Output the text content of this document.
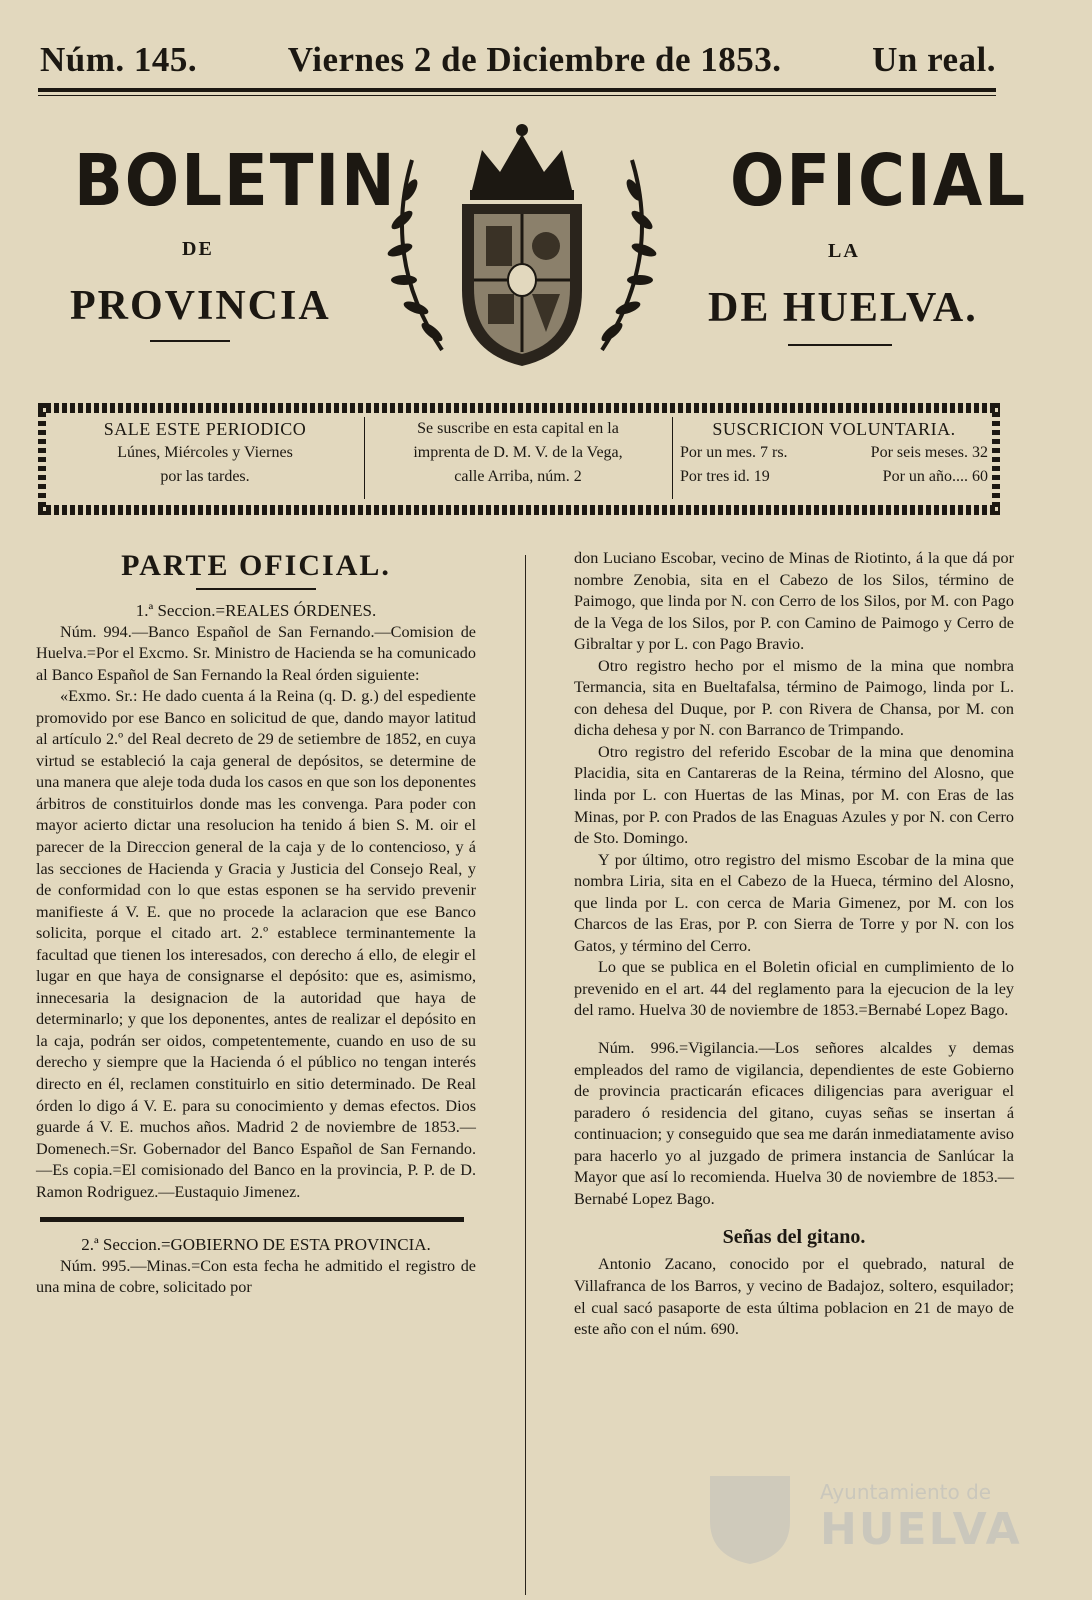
Núm. 145.	Viernes 2 de Diciembre de 1853.	Un real.
BOLETIN	OFICIAL
DE	LA
PROVINCIA	DE HUELVA.
SALE ESTE PERIODICO
Lúnes, Miércoles y Viernes
por las tardes.
Se suscribe en esta capital en la
imprenta de D. M. V. de la Vega,
calle Arriba, núm. 2
SUSCRICION VOLUNTARIA.
Por un mes. 7 rs.	Por seis meses. 32
Por tres id. 19	Por un año.... 60
PARTE OFICIAL.

1.ª Seccion.=REALES ÓRDENES.

Núm. 994.—Banco Español de San Fernando.—Comision de Huelva.=Por el Excmo. Sr. Ministro de Hacienda se ha comunicado al Banco Español de San Fernando la Real órden siguiente:

«Exmo. Sr.: He dado cuenta á la Reina (q. D. g.) del espediente promovido por ese Banco en solicitud de que, dando mayor latitud al artículo 2.º del Real decreto de 29 de setiembre de 1852, en cuya virtud se estableció la caja general de depósitos, se determine de una manera que aleje toda duda los casos en que son los deponentes árbitros de constituirlos donde mas les convenga. Para poder con mayor acierto dictar una resolucion ha tenido á bien S. M. oir el parecer de la Direccion general de la caja y de lo contencioso, y á las secciones de Hacienda y Gracia y Justicia del Consejo Real, y de conformidad con lo que estas esponen se ha servido prevenir manifieste á V. E. que no procede la aclaracion que ese Banco solicita, porque el citado art. 2.º establece terminantemente la facultad que tienen los interesados, con derecho á ello, de elegir el lugar en que haya de consignarse el depósito: que es, asimismo, innecesaria la designacion de la autoridad que haya de determinarlo; y que los deponentes, antes de realizar el depósito en la caja, podrán ser oidos, competentemente, cuando en uso de su derecho y siempre que la Hacienda ó el público no tengan interés directo en él, reclamen constituirlo en sitio determinado. De Real órden lo digo á V. E. para su conocimiento y demas efectos. Dios guarde á V. E. muchos años. Madrid 2 de noviembre de 1853.—Domenech.=Sr. Gobernador del Banco Español de San Fernando.—Es copia.=El comisionado del Banco en la provincia, P. P. de D. Ramon Rodriguez.—Eustaquio Jimenez.

2.ª Seccion.=GOBIERNO DE ESTA PROVINCIA.

Núm. 995.—Minas.=Con esta fecha he admitido el registro de una mina de cobre, solicitado por

don Luciano Escobar, vecino de Minas de Riotinto, á la que dá por nombre Zenobia, sita en el Cabezo de los Silos, término de Paimogo, que linda por N. con Cerro de los Silos, por M. con Pago de la Vega de los Silos, por P. con Camino de Paimogo y Cerro de Gibraltar y por L. con Pago Bravio.

Otro registro hecho por el mismo de la mina que nombra Termancia, sita en Bueltafalsa, término de Paimogo, linda por L. con dehesa del Duque, por P. con Rivera de Chansa, por M. con dicha dehesa y por N. con Barranco de Trimpando.

Otro registro del referido Escobar de la mina que denomina Placidia, sita en Cantareras de la Reina, término del Alosno, que linda por L. con Huertas de las Minas, por M. con Eras de las Minas, por P. con Prados de las Enaguas Azules y por N. con Cerro de Sto. Domingo.

Y por último, otro registro del mismo Escobar de la mina que nombra Liria, sita en el Cabezo de la Hueca, término del Alosno, que linda por L. con cerca de Maria Gimenez, por M. con los Charcos de las Eras, por P. con Sierra de Torre y por N. con los Gatos, y término del Cerro.

Lo que se publica en el Boletin oficial en cumplimiento de lo prevenido en el art. 44 del reglamento para la ejecucion de la ley del ramo. Huelva 30 de noviembre de 1853.=Bernabé Lopez Bago.

Núm. 996.=Vigilancia.—Los señores alcaldes y demas empleados del ramo de vigilancia, dependientes de este Gobierno de provincia practicarán eficaces diligencias para averiguar el paradero ó residencia del gitano, cuyas señas se insertan á continuacion; y conseguido que sea me darán inmediatamente aviso para hacerlo yo al juzgado de primera instancia de Sanlúcar la Mayor que así lo recomienda. Huelva 30 de noviembre de 1853.—Bernabé Lopez Bago.

Señas del gitano.

Antonio Zacano, conocido por el quebrado, natural de Villafranca de los Barros, y vecino de Badajoz, soltero, esquilador; el cual sacó pasaporte de esta última poblacion en 21 de mayo de este año con el núm. 690.

Ayuntamiento de
HUELVA
